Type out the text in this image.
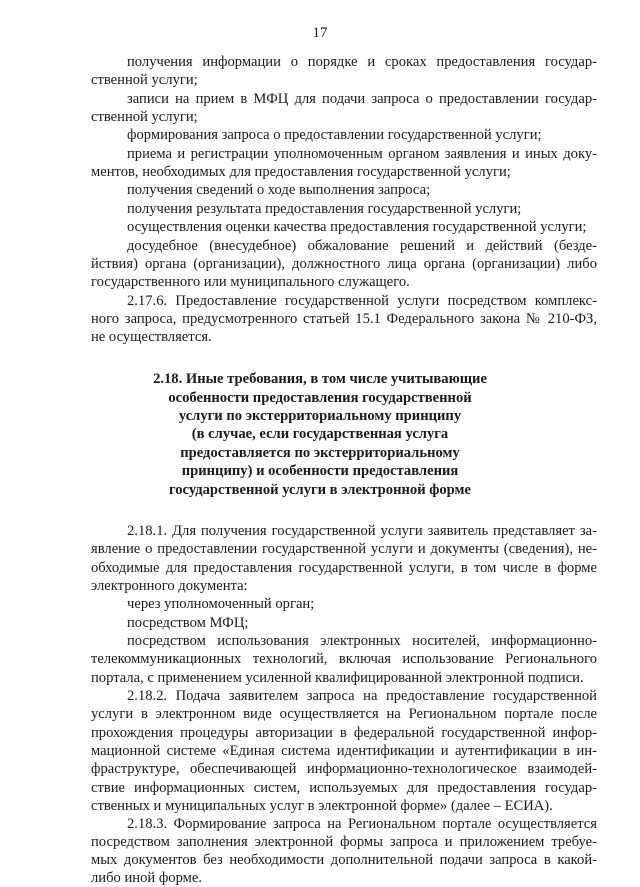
17
получения информации о порядке и сроках предоставления государ-
ственной услуги;
записи на прием в МФЦ для подачи запроса о предоставлении государ-
ственной услуги;
формирования запроса о предоставлении государственной услуги;
приема и регистрации уполномоченным органом заявления и иных доку-
ментов, необходимых для предоставления государственной услуги;
получения сведений о ходе выполнения запроса;
получения результата предоставления государственной услуги;
осуществления оценки качества предоставления государственной услуги;
досудебное (внесудебное) обжалование решений и действий (безде-
йствия) органа (организации), должностного лица органа (организации) либо
государственного или муниципального служащего.
2.17.6. Предоставление государственной услуги посредством комплекс-
ного запроса, предусмотренного статьей 15.1 Федерального закона № 210-ФЗ,
не осуществляется.
2.18. Иные требования, в том числе учитывающие
особенности предоставления государственной
услуги по экстерриториальному принципу
(в случае, если государственная услуга
предоставляется по экстерриториальному
принципу) и особенности предоставления
государственной услуги в электронной форме
2.18.1. Для получения государственной услуги заявитель представляет за-
явление о предоставлении государственной услуги и документы (сведения), не-
обходимые для предоставления государственной услуги, в том числе в форме
электронного документа:
через уполномоченный орган;
посредством МФЦ;
посредством использования электронных носителей, информационно-
телекоммуникационных технологий, включая использование Регионального
портала, с применением усиленной квалифицированной электронной подписи.
2.18.2. Подача заявителем запроса на предоставление государственной
услуги в электронном виде осуществляется на Региональном портале после
прохождения процедуры авторизации в федеральной государственной инфор-
мационной системе «Единая система идентификации и аутентификации в ин-
фраструктуре, обеспечивающей информационно-технологическое взаимодей-
ствие информационных систем, используемых для предоставления государ-
ственных и муниципальных услуг в электронной форме» (далее – ЕСИА).
2.18.3. Формирование запроса на Региональном портале осуществляется
посредством заполнения электронной формы запроса и приложением требуе-
мых документов без необходимости дополнительной подачи запроса в какой-
либо иной форме.
